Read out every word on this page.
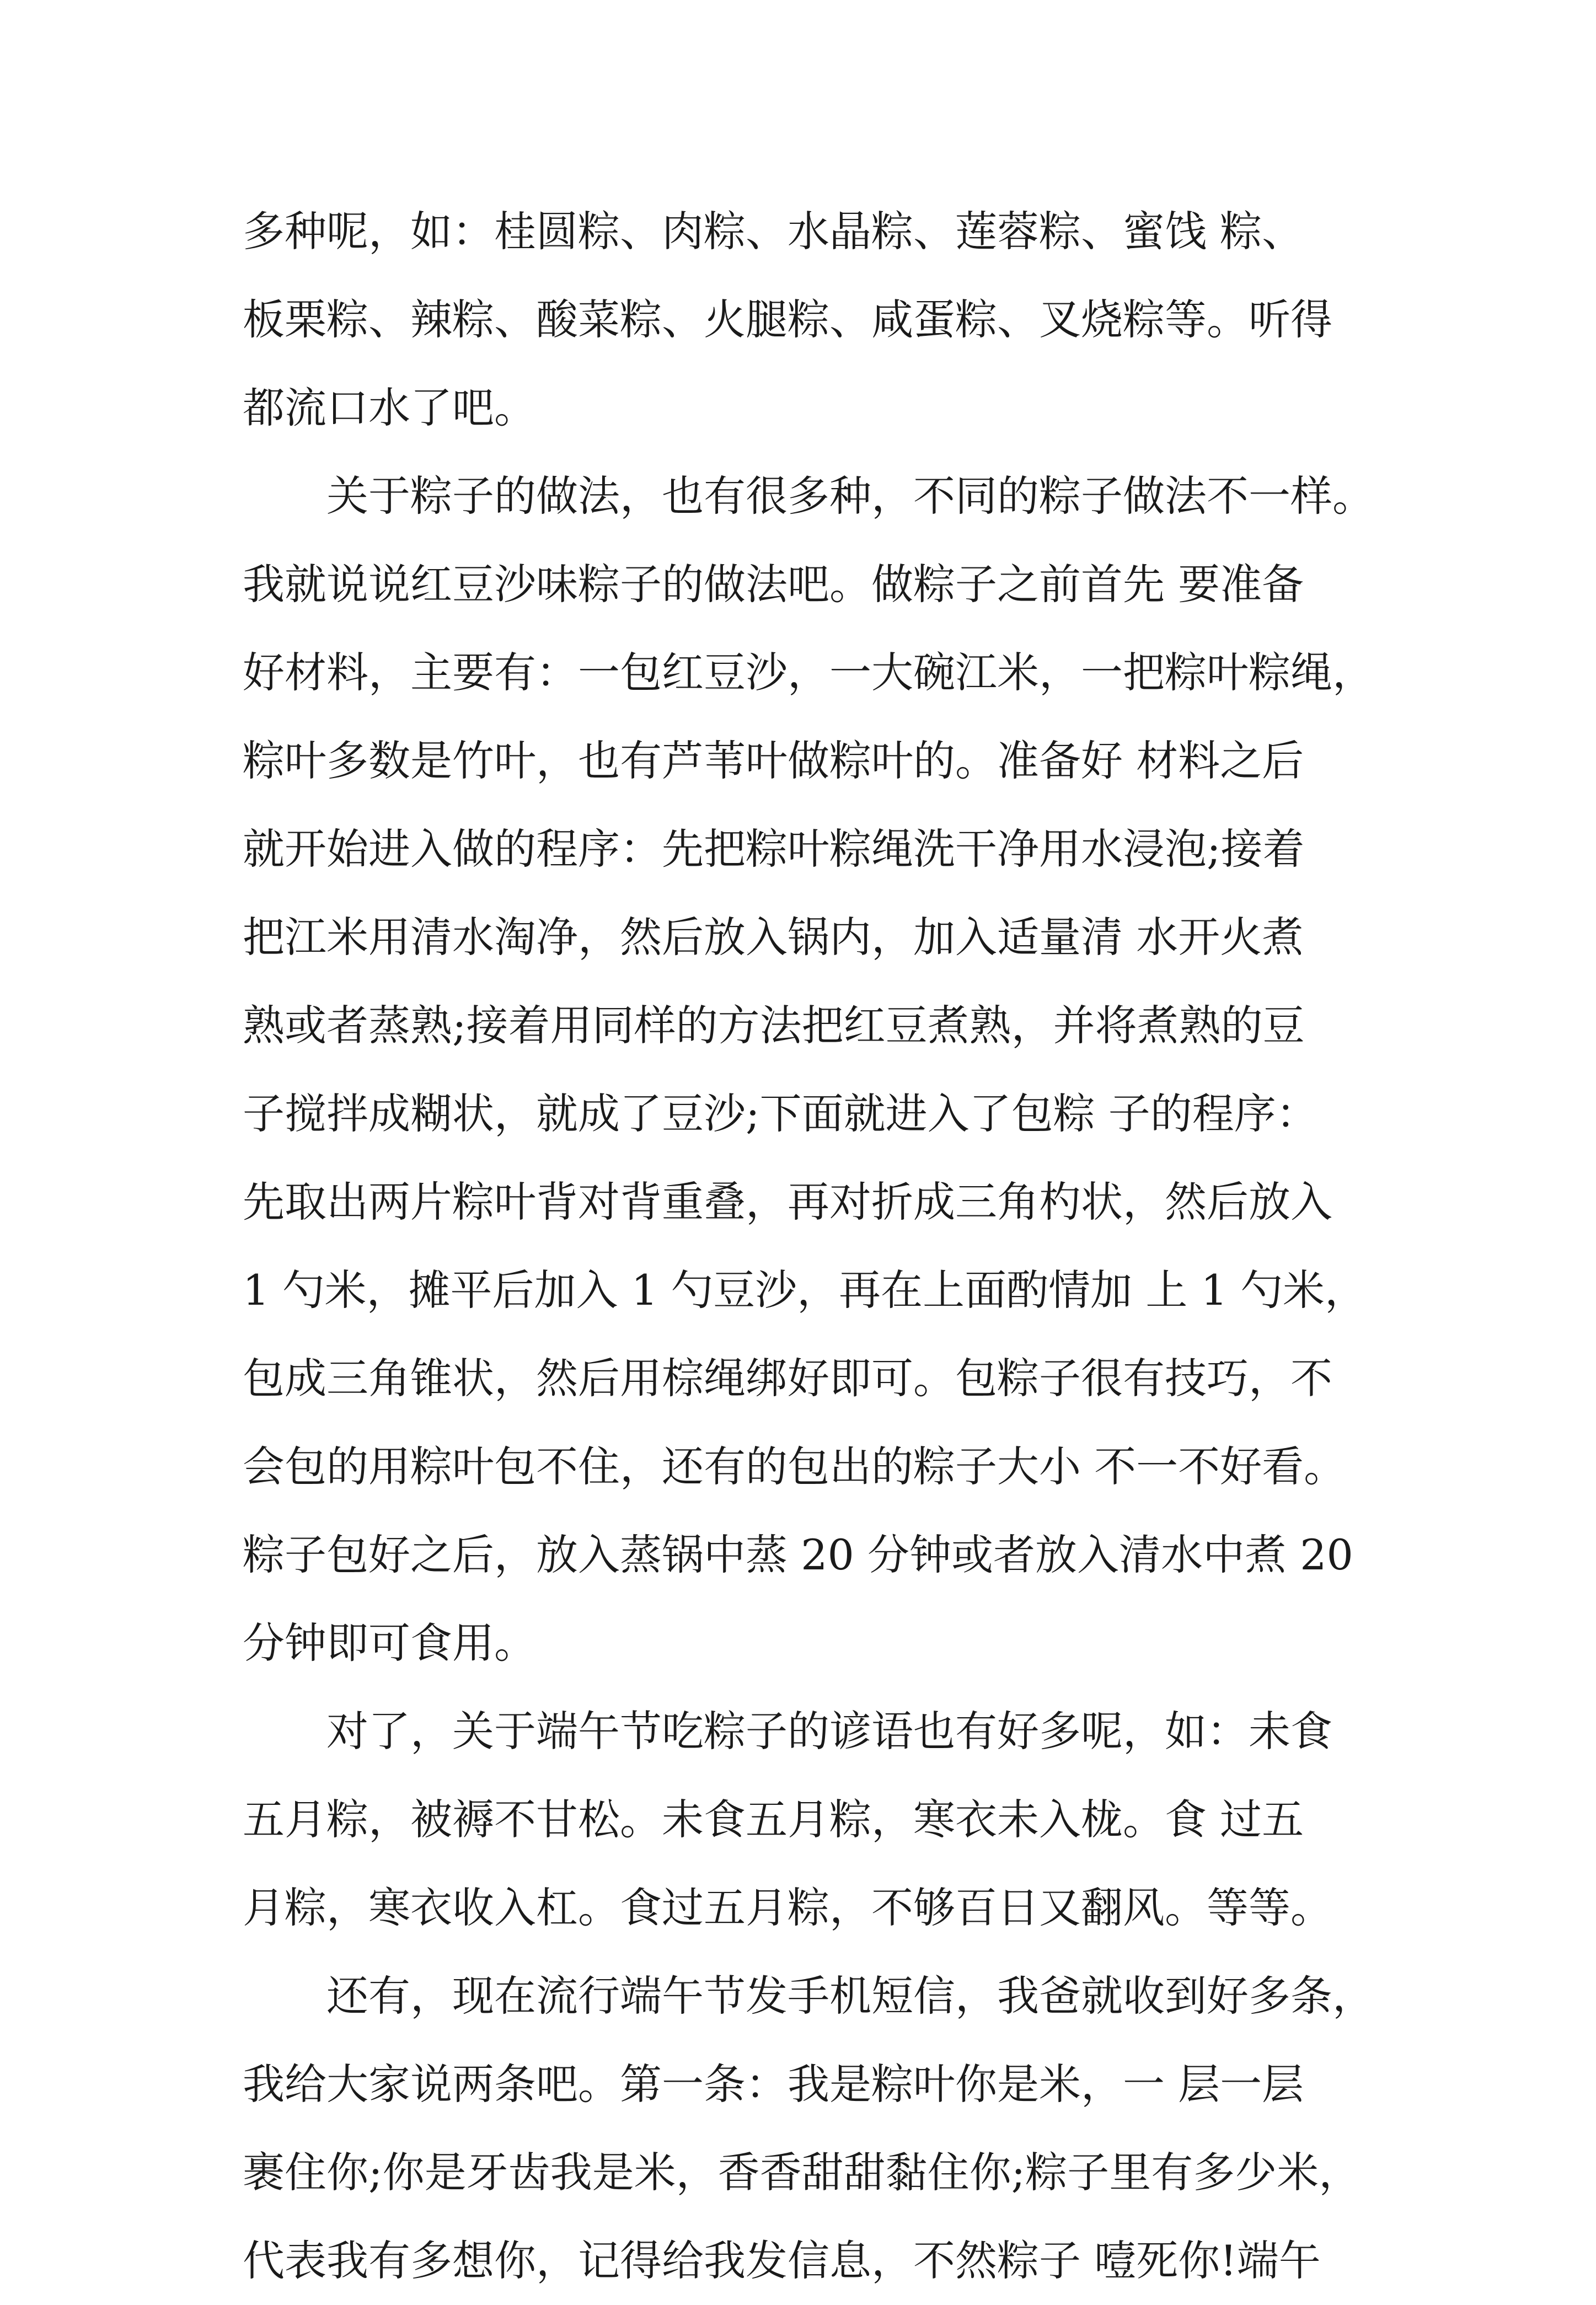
多种呢，如：桂圆粽、肉粽、水晶粽、莲蓉粽、蜜饯 粽、
板栗粽、辣粽、酸菜粽、火腿粽、咸蛋粽、叉烧粽等。听得
都流口水了吧。
　　关于粽子的做法，也有很多种，不同的粽子做法不一样。
我就说说红豆沙味粽子的做法吧。做粽子之前首先 要准备
好材料，主要有：一包红豆沙，一大碗江米，一把粽叶粽绳，
粽叶多数是竹叶，也有芦苇叶做粽叶的。准备好 材料之后
就开始进入做的程序：先把粽叶粽绳洗干净用水浸泡;接着
把江米用清水淘净，然后放入锅内，加入适量清 水开火煮
熟或者蒸熟;接着用同样的方法把红豆煮熟，并将煮熟的豆
子搅拌成糊状，就成了豆沙;下面就进入了包粽 子的程序：
先取出两片粽叶背对背重叠，再对折成三角杓状，然后放入
1 勺米，摊平后加入 1 勺豆沙，再在上面酌情加 上 1 勺米，
包成三角锥状，然后用棕绳绑好即可。包粽子很有技巧，不
会包的用粽叶包不住，还有的包出的粽子大小 不一不好看。
粽子包好之后，放入蒸锅中蒸 20 分钟或者放入清水中煮 20
分钟即可食用。
　　对了，关于端午节吃粽子的谚语也有好多呢，如：未食
五月粽，被褥不甘松。未食五月粽，寒衣未入栊。食 过五
月粽，寒衣收入杠。食过五月粽，不够百日又翻风。等等。
　　还有，现在流行端午节发手机短信，我爸就收到好多条，
我给大家说两条吧。第一条：我是粽叶你是米，一 层一层
裹住你;你是牙齿我是米，香香甜甜黏住你;粽子里有多少米，
代表我有多想你，记得给我发信息，不然粽子 噎死你!端午
